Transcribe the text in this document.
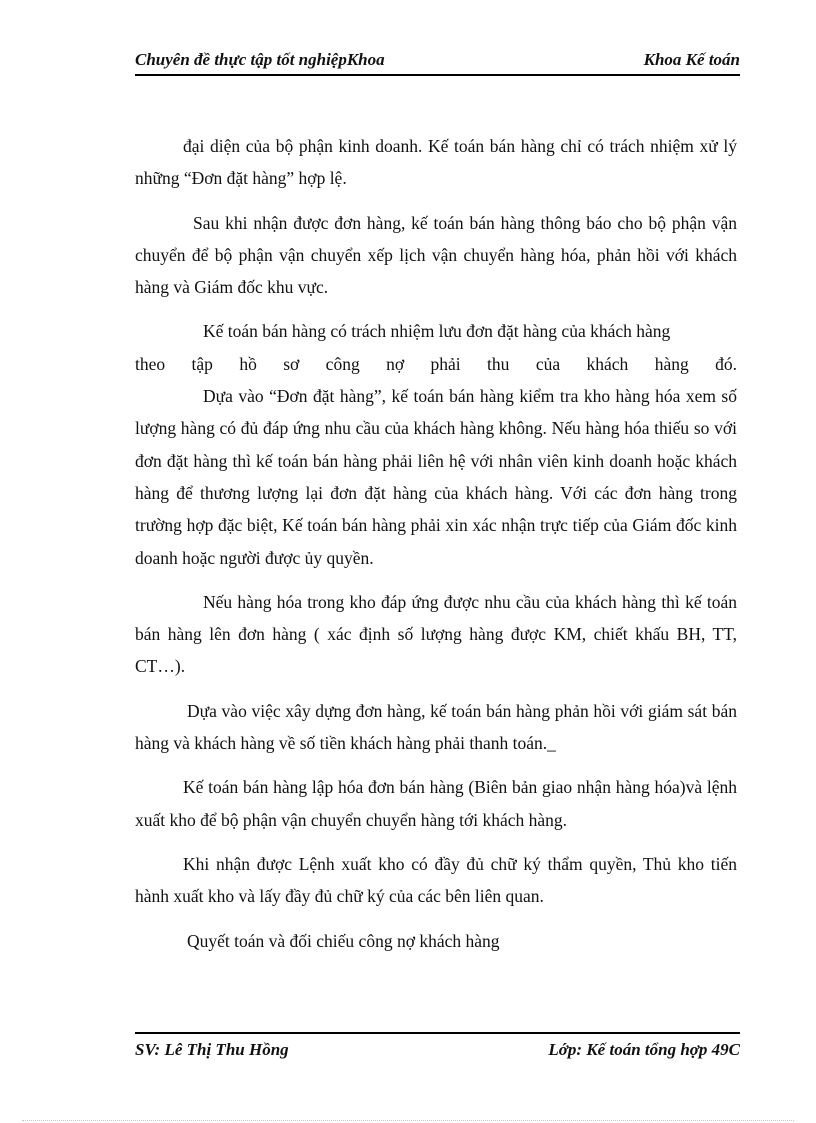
Chuyên đề thực tập tốt nghiệpKhoa	Khoa Kế toán

đại diện của bộ phận kinh doanh. Kế toán bán hàng chỉ có trách nhiệm xử lý những “Đơn đặt hàng” hợp lệ.

Sau khi nhận được đơn hàng, kế toán bán hàng thông báo cho bộ phận vận chuyển để bộ phận vận chuyển xếp lịch vận chuyển hàng hóa, phản hồi với khách hàng và Giám đốc khu vực.

Kế toán bán hàng có trách nhiệm lưu đơn đặt hàng của khách hàng

theo tập hồ sơ công nợ phải thu của khách hàng đó.

Dựa vào “Đơn đặt hàng”, kế toán bán hàng kiểm tra kho hàng hóa xem số lượng hàng có đủ đáp ứng nhu cầu của khách hàng không. Nếu hàng hóa thiếu so với đơn đặt hàng thì kế toán bán hàng phải liên hệ với nhân viên kinh doanh hoặc khách hàng để thương lượng lại đơn đặt hàng của khách hàng. Với các đơn hàng trong trường hợp đặc biệt, Kế toán bán hàng phải xin xác nhận trực tiếp của Giám đốc kinh doanh hoặc người được ủy quyền.

Nếu hàng hóa trong kho đáp ứng được nhu cầu của khách hàng thì kế toán bán hàng lên đơn hàng ( xác định số lượng hàng được KM, chiết khấu BH, TT, CT…).

Dựa vào việc xây dựng đơn hàng, kế toán bán hàng phản hồi với giám sát bán hàng và khách hàng về số tiền khách hàng phải thanh toán._

Kế toán bán hàng lập hóa đơn bán hàng (Biên bản giao nhận hàng hóa)và lệnh xuất kho để bộ phận vận chuyển chuyển hàng tới khách hàng.

Khi nhận được Lệnh xuất kho có đầy đủ chữ ký thẩm quyền, Thủ kho tiến hành xuất kho và lấy đầy đủ chữ ký của các bên liên quan.

Quyết toán và đối chiếu công nợ khách hàng

SV: Lê Thị Thu Hồng	Lớp: Kế toán tổng hợp 49C
